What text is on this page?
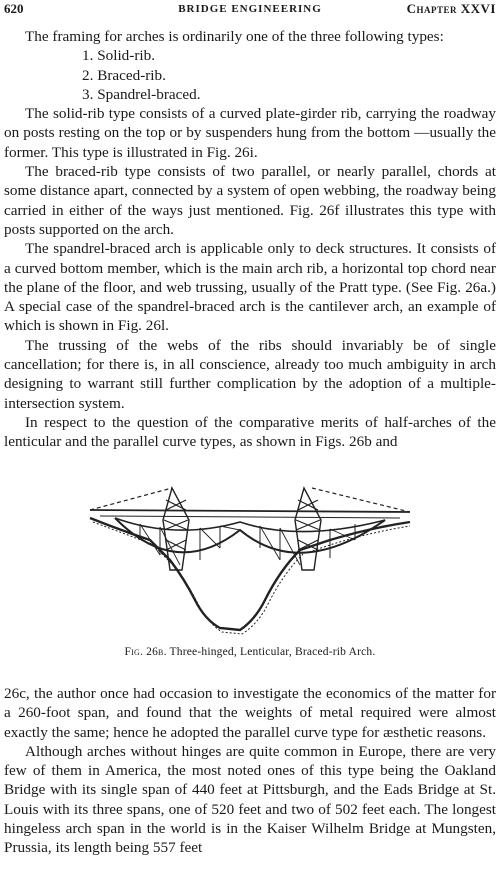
620	BRIDGE ENGINEERING	Chapter XXVI

The framing for arches is ordinarily one of the three following types:

1. Solid-rib.
2. Braced-rib.
3. Spandrel-braced.

The solid-rib type consists of a curved plate-girder rib, carrying the roadway on posts resting on the top or by suspenders hung from the bottom —usually the former. This type is illustrated in Fig. 26i.

The braced-rib type consists of two parallel, or nearly parallel, chords at some distance apart, connected by a system of open webbing, the roadway being carried in either of the ways just mentioned. Fig. 26f illustrates this type with posts supported on the arch.

The spandrel-braced arch is applicable only to deck structures. It consists of a curved bottom member, which is the main arch rib, a horizontal top chord near the plane of the floor, and web trussing, usually of the Pratt type. (See Fig. 26a.) A special case of the spandrel-braced arch is the cantilever arch, an example of which is shown in Fig. 26l.

The trussing of the webs of the ribs should invariably be of single cancellation; for there is, in all conscience, already too much ambiguity in arch designing to warrant still further complication by the adoption of a multiple-intersection system.

In respect to the question of the comparative merits of half-arches of the lenticular and the parallel curve types, as shown in Figs. 26b and

Fig. 26b. Three-hinged, Lenticular, Braced-rib Arch.

26c, the author once had occasion to investigate the economics of the matter for a 260-foot span, and found that the weights of metal required were almost exactly the same; hence he adopted the parallel curve type for æsthetic reasons.

Although arches without hinges are quite common in Europe, there are very few of them in America, the most noted ones of this type being the Oakland Bridge with its single span of 440 feet at Pittsburgh, and the Eads Bridge at St. Louis with its three spans, one of 520 feet and two of 502 feet each. The longest hingeless arch span in the world is in the Kaiser Wilhelm Bridge at Mungsten, Prussia, its length being 557 feet
